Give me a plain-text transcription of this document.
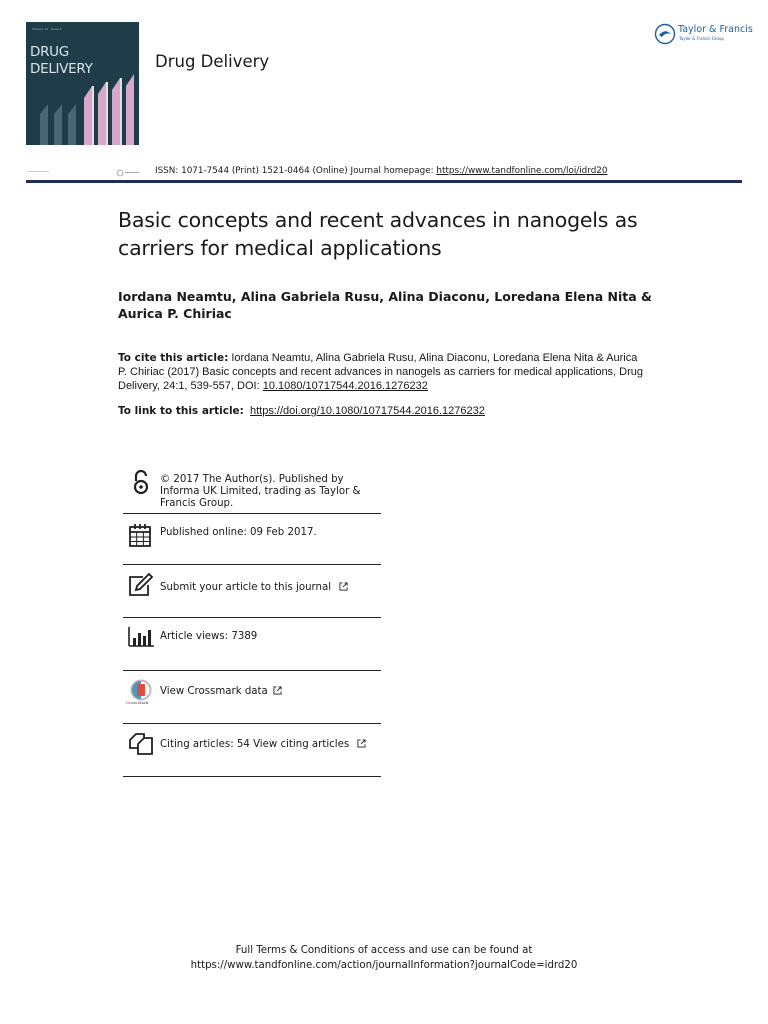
Volume 24 · Issue 1
DRUG
DELIVERY	Drug Delivery
Taylor & Francis
Taylor & Francis Group
ISSN: 1071-7544 (Print) 1521-0464 (Online) Journal homepage: https://www.tandfonline.com/loi/idrd20
Basic concepts and recent advances in nanogels as carriers for medical applications
Iordana Neamtu, Alina Gabriela Rusu, Alina Diaconu, Loredana Elena Nita & Aurica P. Chiriac
To cite this article: Iordana Neamtu, Alina Gabriela Rusu, Alina Diaconu, Loredana Elena Nita & Aurica P. Chiriac (2017) Basic concepts and recent advances in nanogels as carriers for medical applications, Drug Delivery, 24:1, 539-557, DOI: 10.1080/10717544.2016.1276232
To link to this article: https://doi.org/10.1080/10717544.2016.1276232
© 2017 The Author(s). Published by Informa UK Limited, trading as Taylor & Francis Group.
Published online: 09 Feb 2017.
Submit your article to this journal
Article views: 7389
CrossMark
View Crossmark data
Citing articles: 54 View citing articles
Full Terms & Conditions of access and use can be found at
https://www.tandfonline.com/action/journalInformation?journalCode=idrd20
